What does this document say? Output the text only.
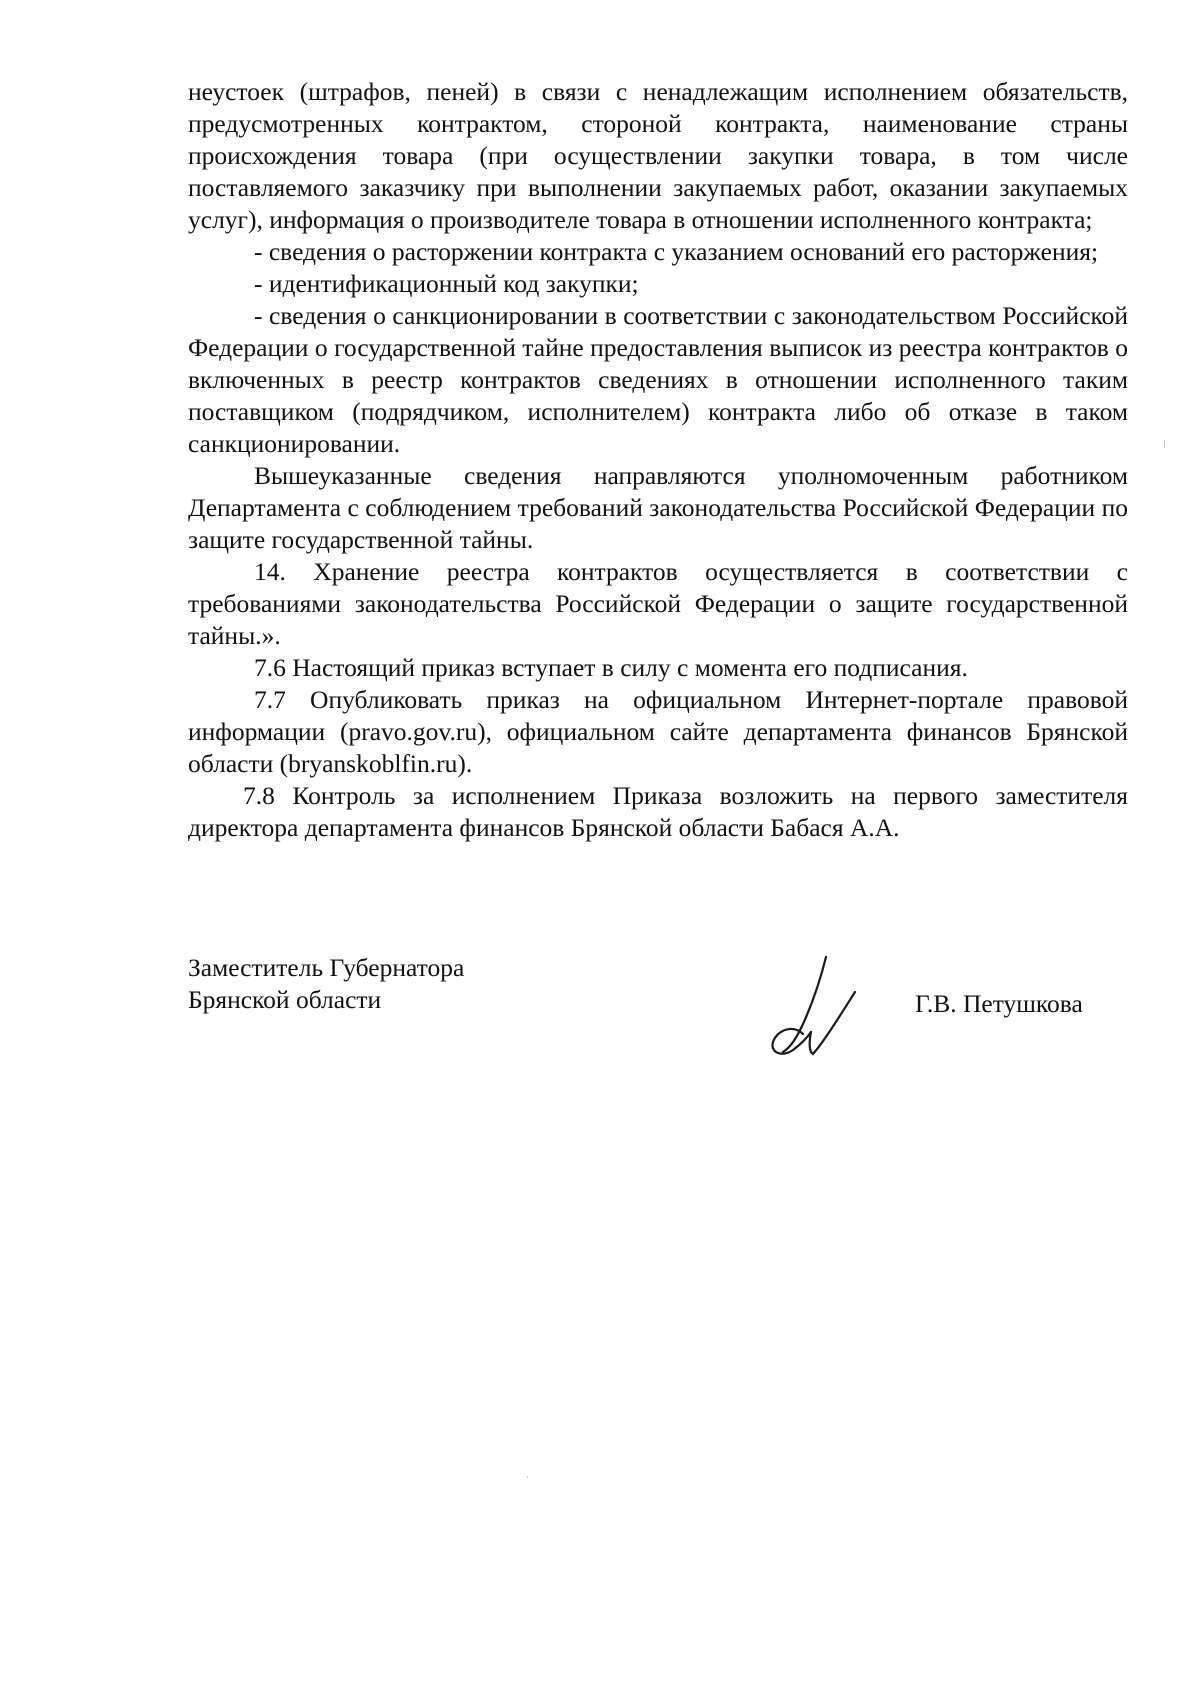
неустоек (штрафов, пеней) в связи с ненадлежащим исполнением обязательств, предусмотренных контрактом, стороной контракта, наименование страны происхождения товара (при осуществлении закупки товара, в том числе поставляемого заказчику при выполнении закупаемых работ, оказании закупаемых услуг), информация о производителе товара в отношении исполненного контракта;

- сведения о расторжении контракта с указанием оснований его расторжения;

- идентификационный код закупки;

- сведения о санкционировании в соответствии с законодательством Российской Федерации о государственной тайне предоставления выписок из реестра контрактов о включенных в реестр контрактов сведениях в отношении исполненного таким поставщиком (подрядчиком, исполнителем) контракта либо об отказе в таком санкционировании.

Вышеуказанные сведения направляются уполномоченным работником Департамента с соблюдением требований законодательства Российской Федерации по защите государственной тайны.

14. Хранение реестра контрактов осуществляется в соответствии с требованиями законодательства Российской Федерации о защите государственной тайны.».

7.6 Настоящий приказ вступает в силу с момента его подписания.

7.7 Опубликовать приказ на официальном Интернет-портале правовой информации (pravo.gov.ru), официальном сайте департамента финансов Брянской области (bryanskoblfin.ru).

7.8 Контроль за исполнением Приказа возложить на первого заместителя директора департамента финансов Брянской области Бабася А.А.

Заместитель Губернатора
Брянской области	Г.В. Петушкова
